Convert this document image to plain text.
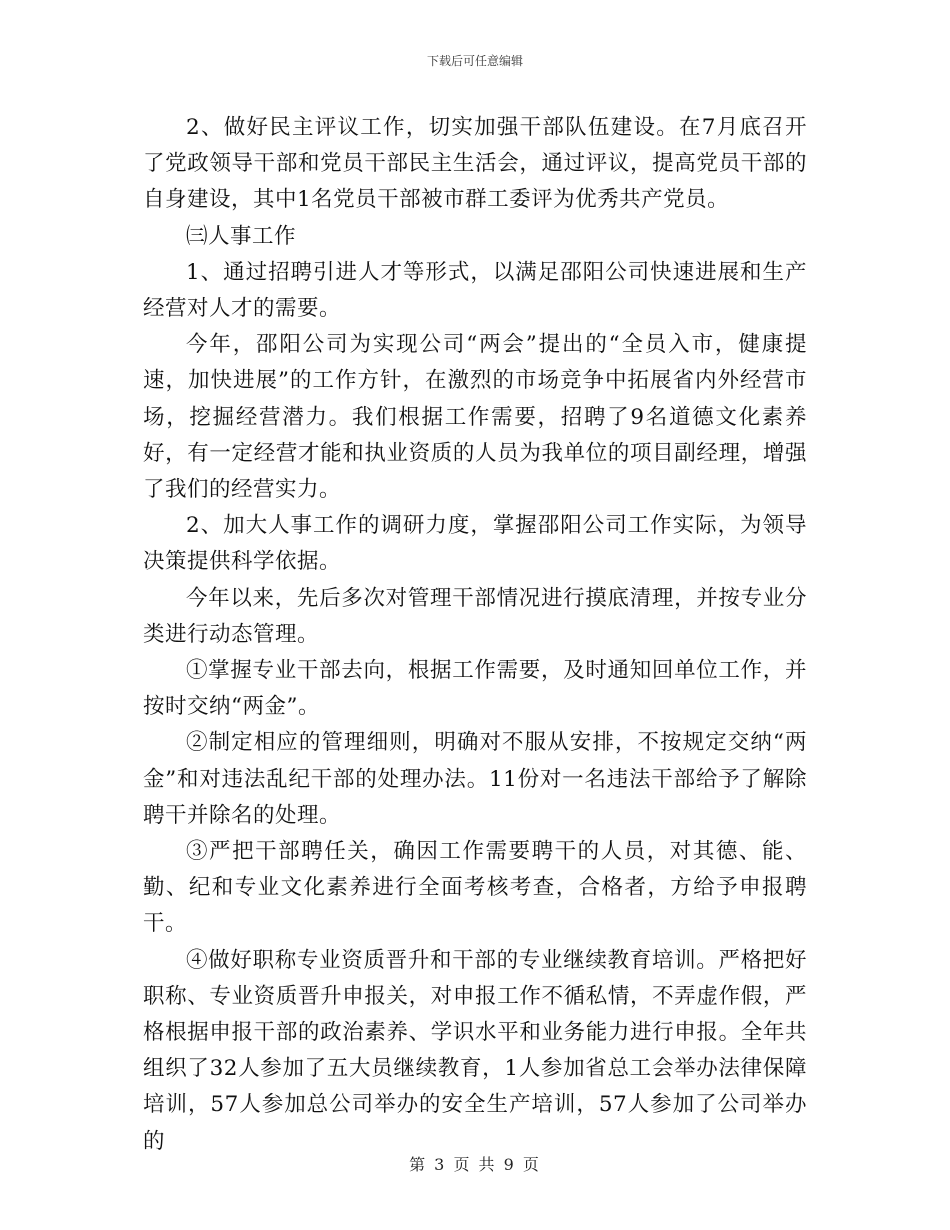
下载后可任意编辑

2、做好民主评议工作，切实加强干部队伍建设。在7月底召开了党政领导干部和党员干部民主生活会，通过评议，提高党员干部的自身建设，其中1名党员干部被市群工委评为优秀共产党员。

㈢人事工作

1、通过招聘引进人才等形式，以满足邵阳公司快速进展和生产经营对人才的需要。

今年，邵阳公司为实现公司“两会”提出的“全员入市，健康提速，加快进展”的工作方针，在激烈的市场竞争中拓展省内外经营市场，挖掘经营潜力。我们根据工作需要，招聘了9名道德文化素养好，有一定经营才能和执业资质的人员为我单位的项目副经理，增强了我们的经营实力。

2、加大人事工作的调研力度，掌握邵阳公司工作实际，为领导决策提供科学依据。

今年以来，先后多次对管理干部情况进行摸底清理，并按专业分类进行动态管理。

①掌握专业干部去向，根据工作需要，及时通知回单位工作，并按时交纳“两金”。

②制定相应的管理细则，明确对不服从安排，不按规定交纳“两金”和对违法乱纪干部的处理办法。11份对一名违法干部给予了解除聘干并除名的处理。

③严把干部聘任关，确因工作需要聘干的人员，对其德、能、勤、纪和专业文化素养进行全面考核考查，合格者，方给予申报聘干。

④做好职称专业资质晋升和干部的专业继续教育培训。严格把好职称、专业资质晋升申报关，对申报工作不循私情，不弄虚作假，严格根据申报干部的政治素养、学识水平和业务能力进行申报。全年共组织了32人参加了五大员继续教育，1人参加省总工会举办法律保障培训，57人参加总公司举办的安全生产培训，57人参加了公司举办的

第 3 页 共 9 页
